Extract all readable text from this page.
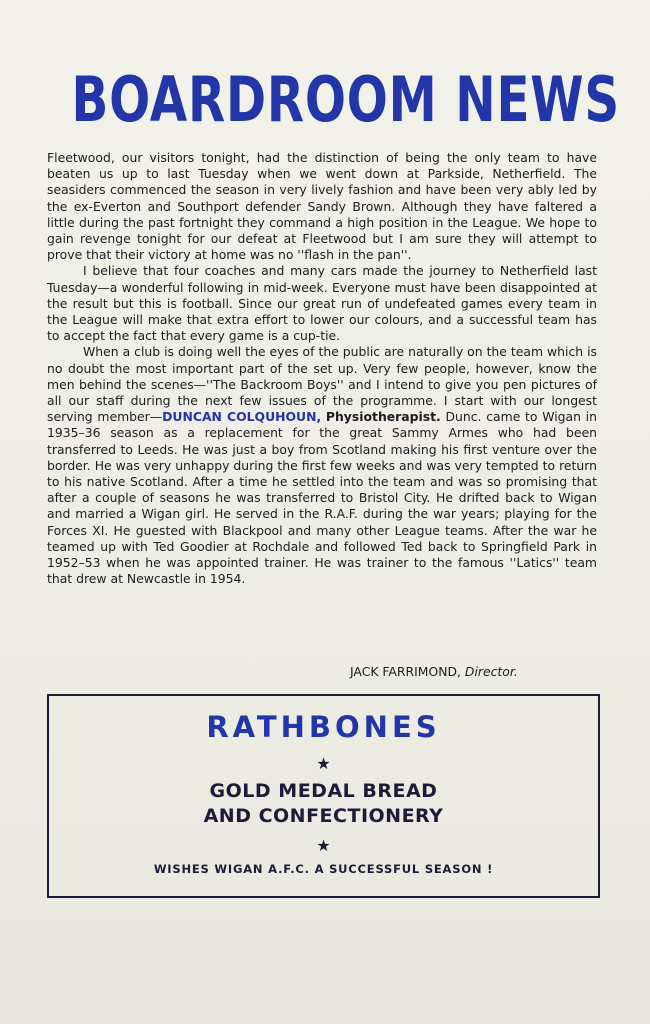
BOARDROOM NEWS

Fleetwood, our visitors tonight, had the distinction of being the only team to have beaten us up to last Tuesday when we went down at Parkside, Netherfield. The seasiders commenced the season in very lively fashion and have been very ably led by the ex-Everton and Southport defender Sandy Brown. Although they have faltered a little during the past fortnight they command a high position in the League. We hope to gain revenge tonight for our defeat at Fleetwood but I am sure they will attempt to prove that their victory at home was no ''flash in the pan''.

I believe that four coaches and many cars made the journey to Netherfield last Tuesday—a wonderful following in mid-week. Everyone must have been disappointed at the result but this is football. Since our great run of undefeated games every team in the League will make that extra effort to lower our colours, and a successful team has to accept the fact that every game is a cup-tie.

When a club is doing well the eyes of the public are naturally on the team which is no doubt the most important part of the set up. Very few people, however, know the men behind the scenes—''The Backroom Boys'' and I intend to give you pen pictures of all our staff during the next few issues of the programme. I start with our longest serving member—DUNCAN COLQUHOUN, Physiotherapist. Dunc. came to Wigan in 1935–36 season as a replacement for the great Sammy Armes who had been transferred to Leeds. He was just a boy from Scotland making his first venture over the border. He was very unhappy during the first few weeks and was very tempted to return to his native Scotland. After a time he settled into the team and was so promising that after a couple of seasons he was transferred to Bristol City. He drifted back to Wigan and married a Wigan girl. He served in the R.A.F. during the war years; playing for the Forces XI. He guested with Blackpool and many other League teams. After the war he teamed up with Ted Goodier at Rochdale and followed Ted back to Springfield Park in 1952–53 when he was appointed trainer. He was trainer to the famous ''Latics'' team that drew at Newcastle in 1954.

JACK FARRIMOND, Director.
RATHBONES
★
GOLD MEDAL BREAD
AND CONFECTIONERY
★
WISHES WIGAN A.F.C. A SUCCESSFUL SEASON !
